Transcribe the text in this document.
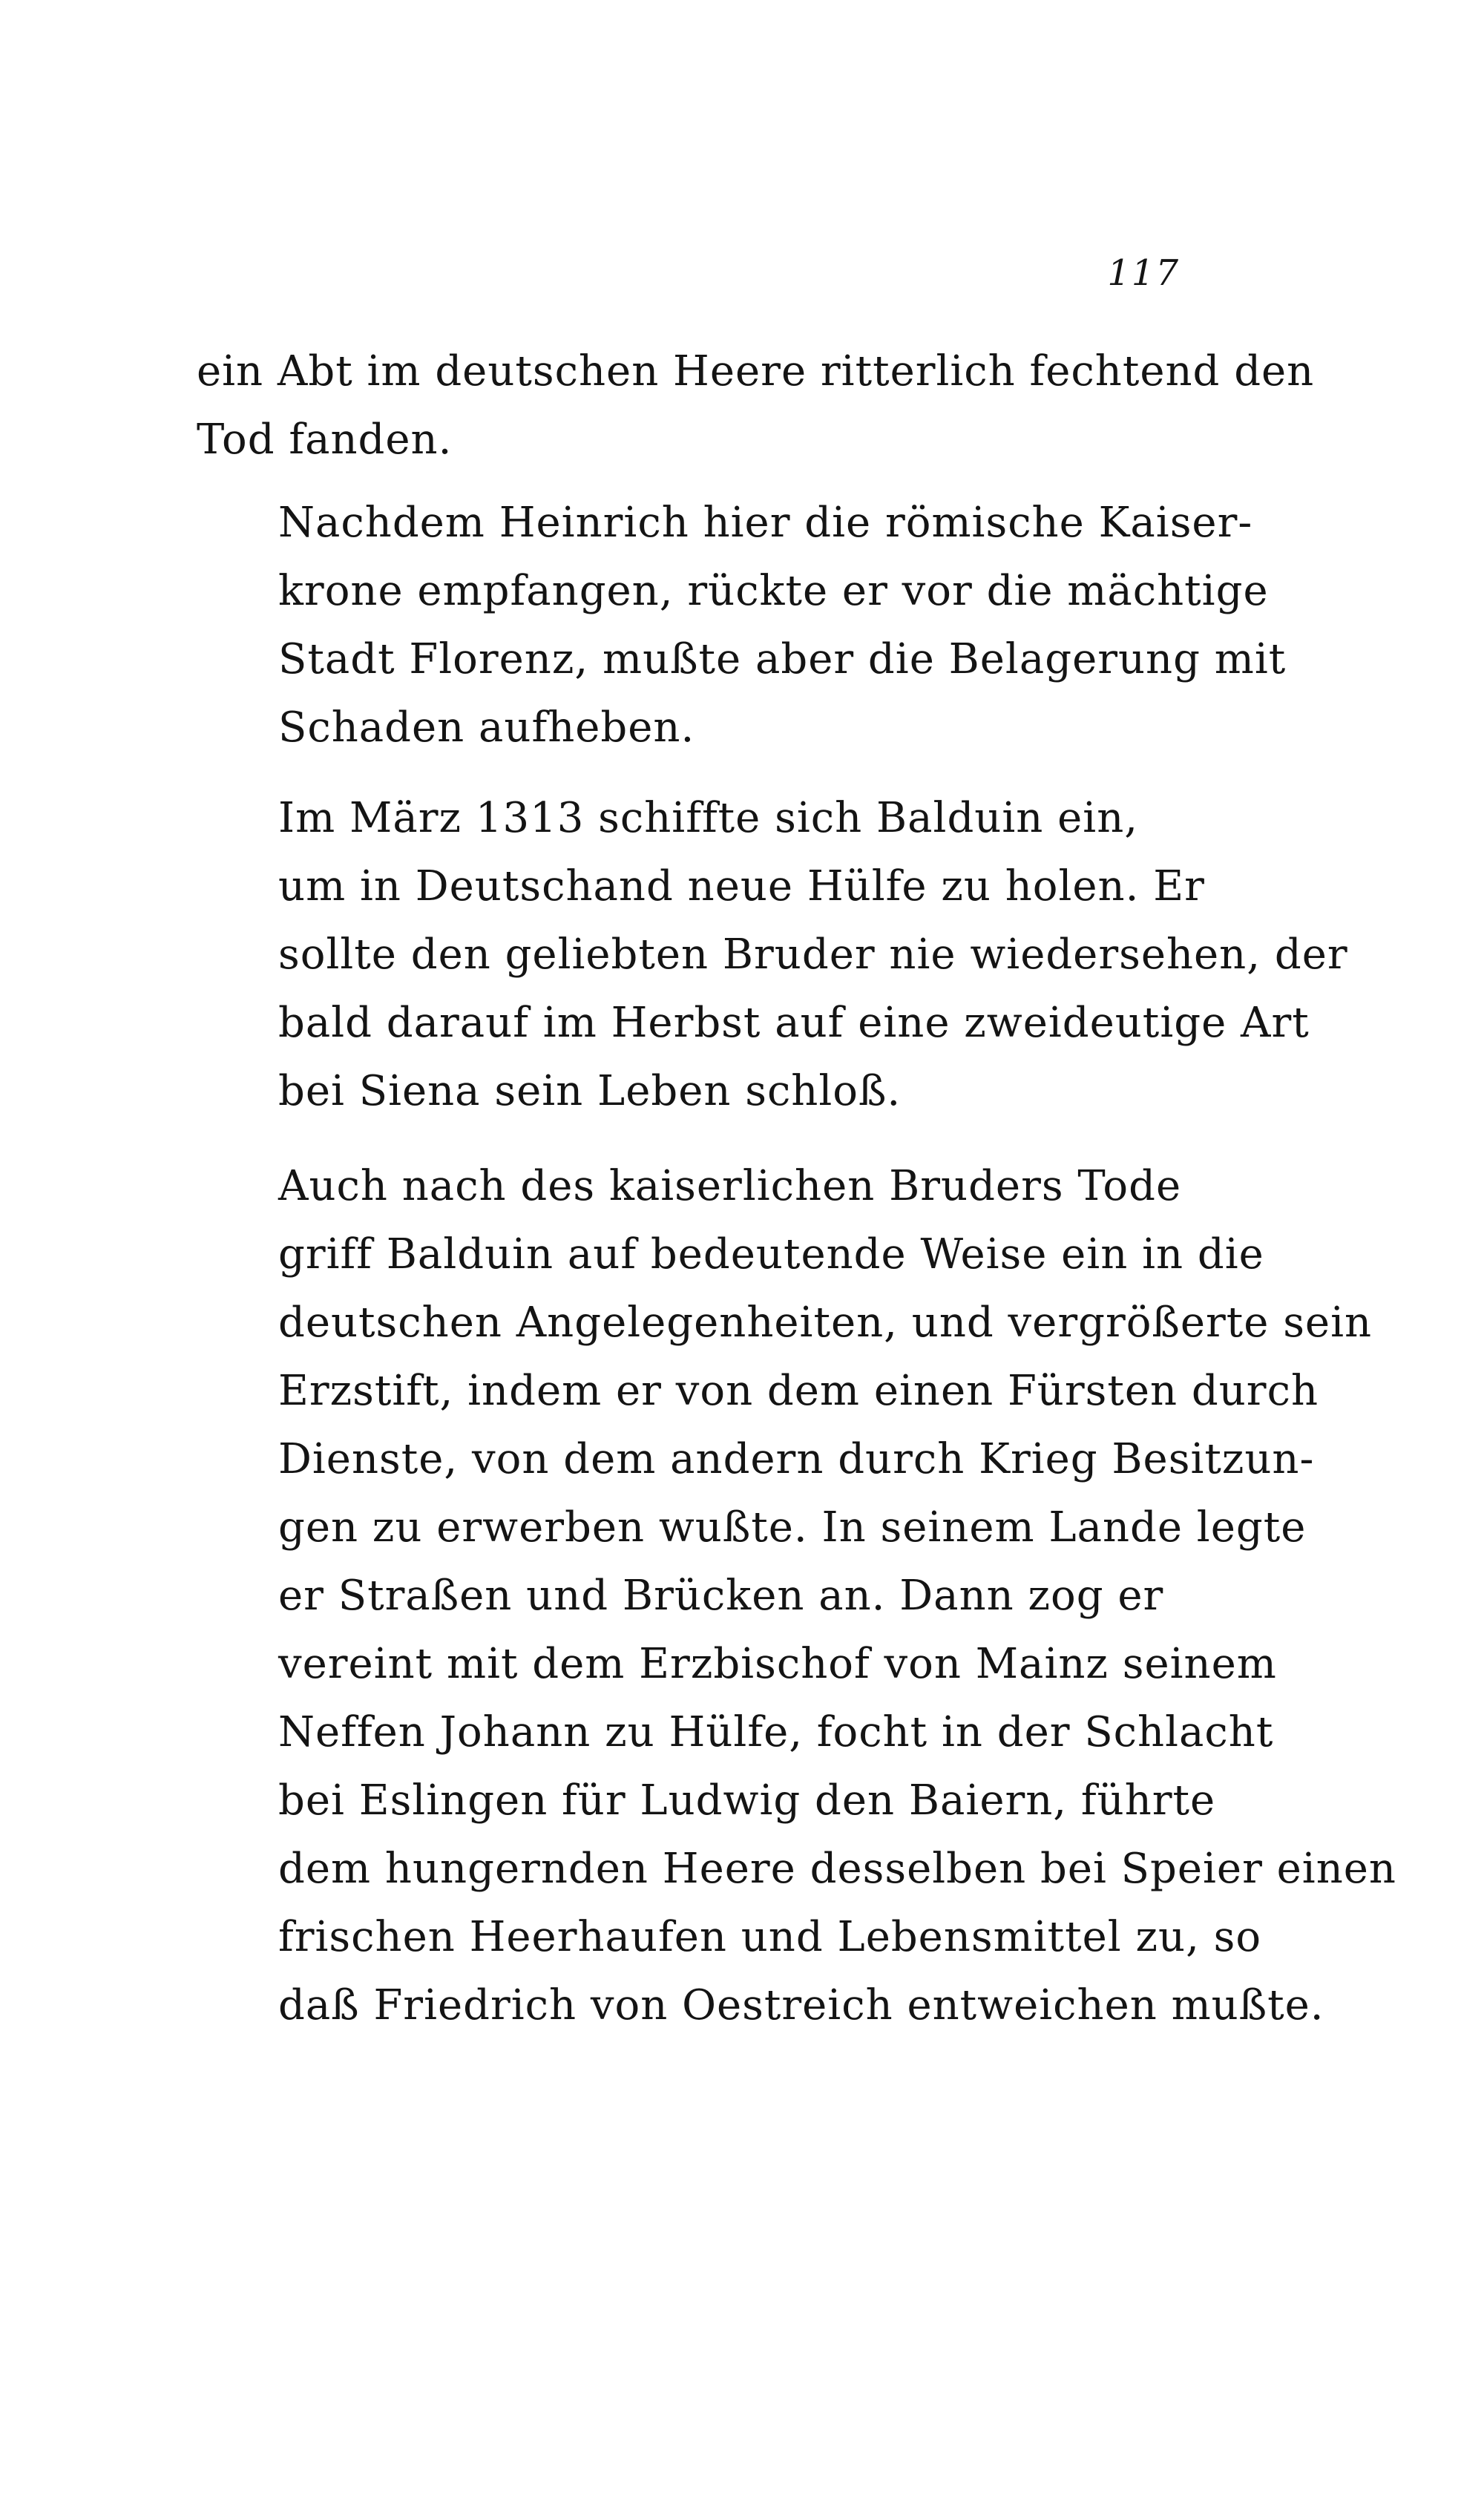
117

ein Abt im deutschen Heere ritterlich fechtend den
Tod fanden.

Nachdem Heinrich hier die römische Kaiser-
krone empfangen, rückte er vor die mächtige
Stadt Florenz, mußte aber die Belagerung mit
Schaden aufheben.

Im März 1313 schiffte sich Balduin ein,
um in Deutschand neue Hülfe zu holen. Er
sollte den geliebten Bruder nie wiedersehen, der
bald darauf im Herbst auf eine zweideutige Art
bei Siena sein Leben schloß.

Auch nach des kaiserlichen Bruders Tode
griff Balduin auf bedeutende Weise ein in die
deutschen Angelegenheiten, und vergrößerte sein
Erzstift, indem er von dem einen Fürsten durch
Dienste, von dem andern durch Krieg Besitzun-
gen zu erwerben wußte. In seinem Lande legte
er Straßen und Brücken an. Dann zog er
vereint mit dem Erzbischof von Mainz seinem
Neffen Johann zu Hülfe, focht in der Schlacht
bei Eslingen für Ludwig den Baiern, führte
dem hungernden Heere desselben bei Speier einen
frischen Heerhaufen und Lebensmittel zu, so
daß Friedrich von Oestreich entweichen mußte.
